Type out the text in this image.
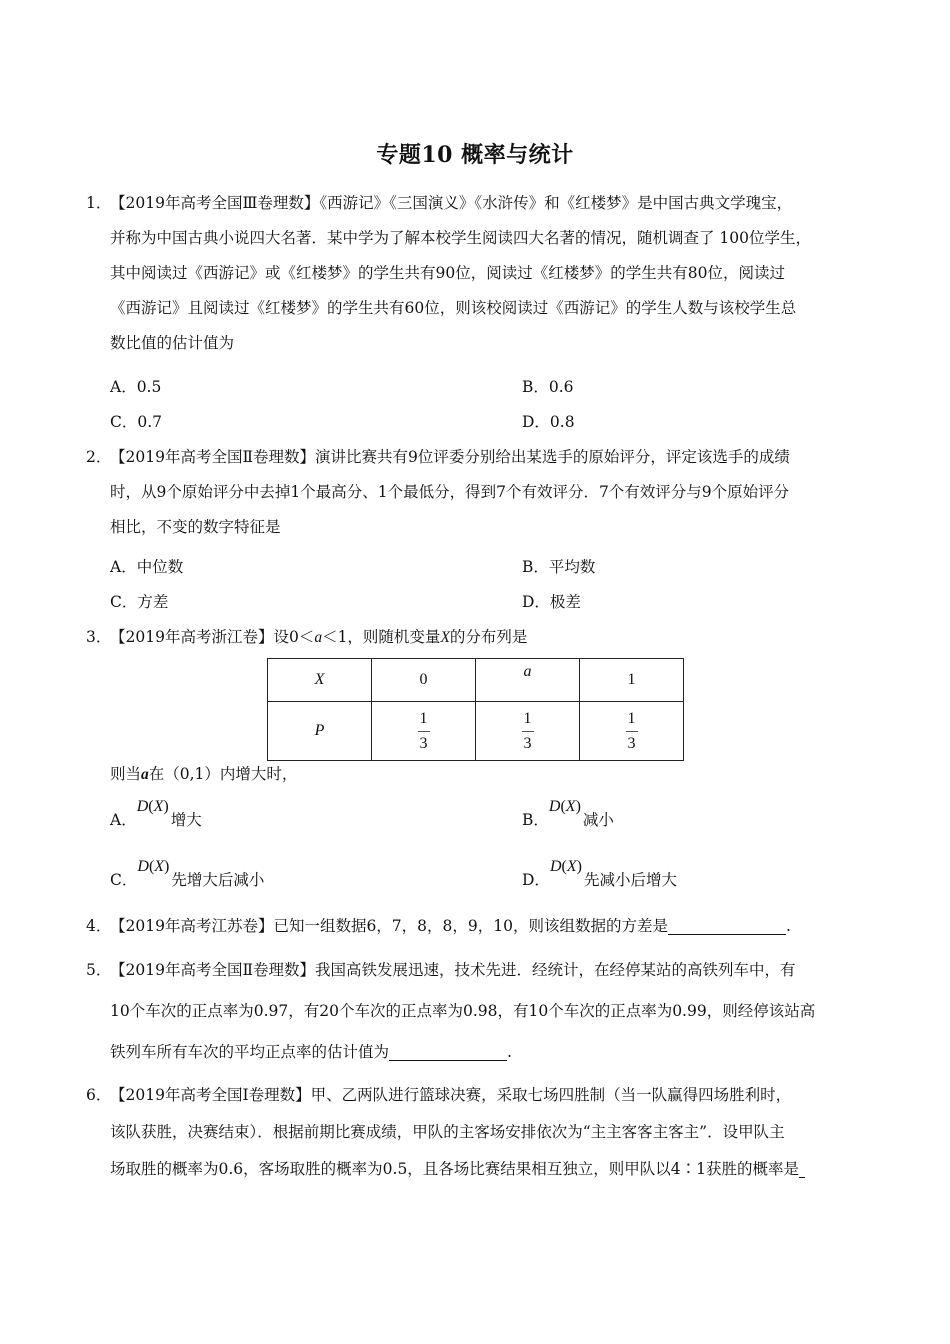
专题10 概率与统计
1．【2019年高考全国Ⅲ卷理数】《西游记》《三国演义》《水浒传》和《红楼梦》是中国古典文学瑰宝，
并称为中国古典小说四大名著．某中学为了解本校学生阅读四大名著的情况，随机调查了 100位学生，
其中阅读过《西游记》或《红楼梦》的学生共有90位，阅读过《红楼梦》的学生共有80位，阅读过
《西游记》且阅读过《红楼梦》的学生共有60位，则该校阅读过《西游记》的学生人数与该校学生总
数比值的估计值为
A．0.5	B．0.6
C．0.7	D．0.8
2．【2019年高考全国Ⅱ卷理数】演讲比赛共有9位评委分别给出某选手的原始评分，评定该选手的成绩
时，从9个原始评分中去掉1个最高分、1个最低分，得到7个有效评分．7个有效评分与9个原始评分
相比，不变的数字特征是
A．中位数	B．平均数
C．方差	D．极差
3．【2019年高考浙江卷】设0＜a＜1，则随机变量X的分布列是
X	0	a	1
P	$\frac{1}{3}$	$\frac{1}{3}$	$\frac{1}{3}$
则当a在（0,1）内增大时，
A．D(X)增大	B．D(X)减小
C．D(X)先增大后减小	D．D(X)先减小后增大
4．【2019年高考江苏卷】已知一组数据6，7，8，8，9，10，则该组数据的方差是	.
5．【2019年高考全国Ⅱ卷理数】我国高铁发展迅速，技术先进．经统计，在经停某站的高铁列车中，有
10个车次的正点率为0.97，有20个车次的正点率为0.98，有10个车次的正点率为0.99，则经停该站高
铁列车所有车次的平均正点率的估计值为	.
6．【2019年高考全国Ⅰ卷理数】甲、乙两队进行篮球决赛，采取七场四胜制（当一队赢得四场胜利时，
该队获胜，决赛结束）．根据前期比赛成绩，甲队的主客场安排依次为“主主客客主客主”．设甲队主
场取胜的概率为0.6，客场取胜的概率为0.5，且各场比赛结果相互独立，则甲队以4∶1获胜的概率是
